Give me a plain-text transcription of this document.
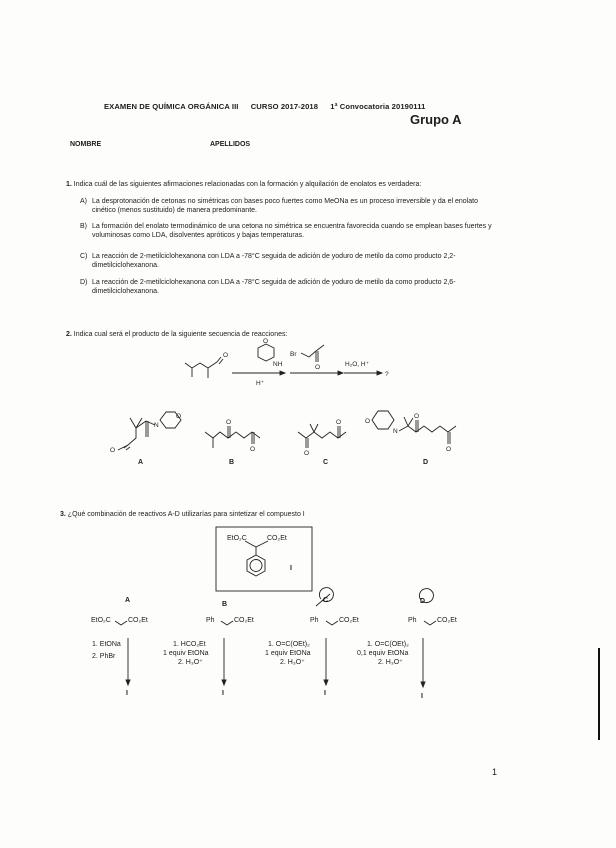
EXAMEN DE QUÍMICA ORGÁNICA III CURSO 2017-2018 1ª Convocatoria 20190111
Grupo A
NOMBRE	APELLIDOS
1. Indica cuál de las siguientes afirmaciones relacionadas con la formación y alquilación de enolatos es verdadera:
A) La desprotonación de cetonas no simétricas con bases poco fuertes como MeONa es un proceso irreversible y da el enolato cinético (menos sustituido) de manera predominante.
B) La formación del enolato termodinámico de una cetona no simétrica se encuentra favorecida cuando se emplean bases fuertes y voluminosas como LDA, disolventes apróticos y bajas temperaturas.
C) La reacción de 2-metilciclohexanona con LDA a -78°C seguida de adición de yoduro de metilo da como producto 2,2-dimetilciclohexanona.
D) La reacción de 2-metilciclohexanona con LDA a -78°C seguida de adición de yoduro de metilo da como producto 2,6-dimetilciclohexanona.
2. Indica cual será el producto de la siguiente secuencia de reacciones:
O
O
NH
H⁺
Br
O	H₂O, H⁺
?
O
N
O
O
O
O
O	O
N
O
O
A	B	C	D
3. ¿Qué combinación de reactivos A-D utilizarías para sintetizar el compuesto I
EtO₂C	CO₂Et
I
A
EtO₂C CO₂Et
1. EtONa
2. PhBr
I
B
Ph	CO₂Et
1. HCO₂Et
1 equiv EtONa
2. H₃O⁺
I
C
Ph	CO₂Et
1. O=C(OEt)₂
1 equiv EtONa
2. H₃O⁺
I
D
Ph	CO₂Et
1. O=C(OEt)₂
0,1 equiv EtONa
2. H₃O⁺
I
1
